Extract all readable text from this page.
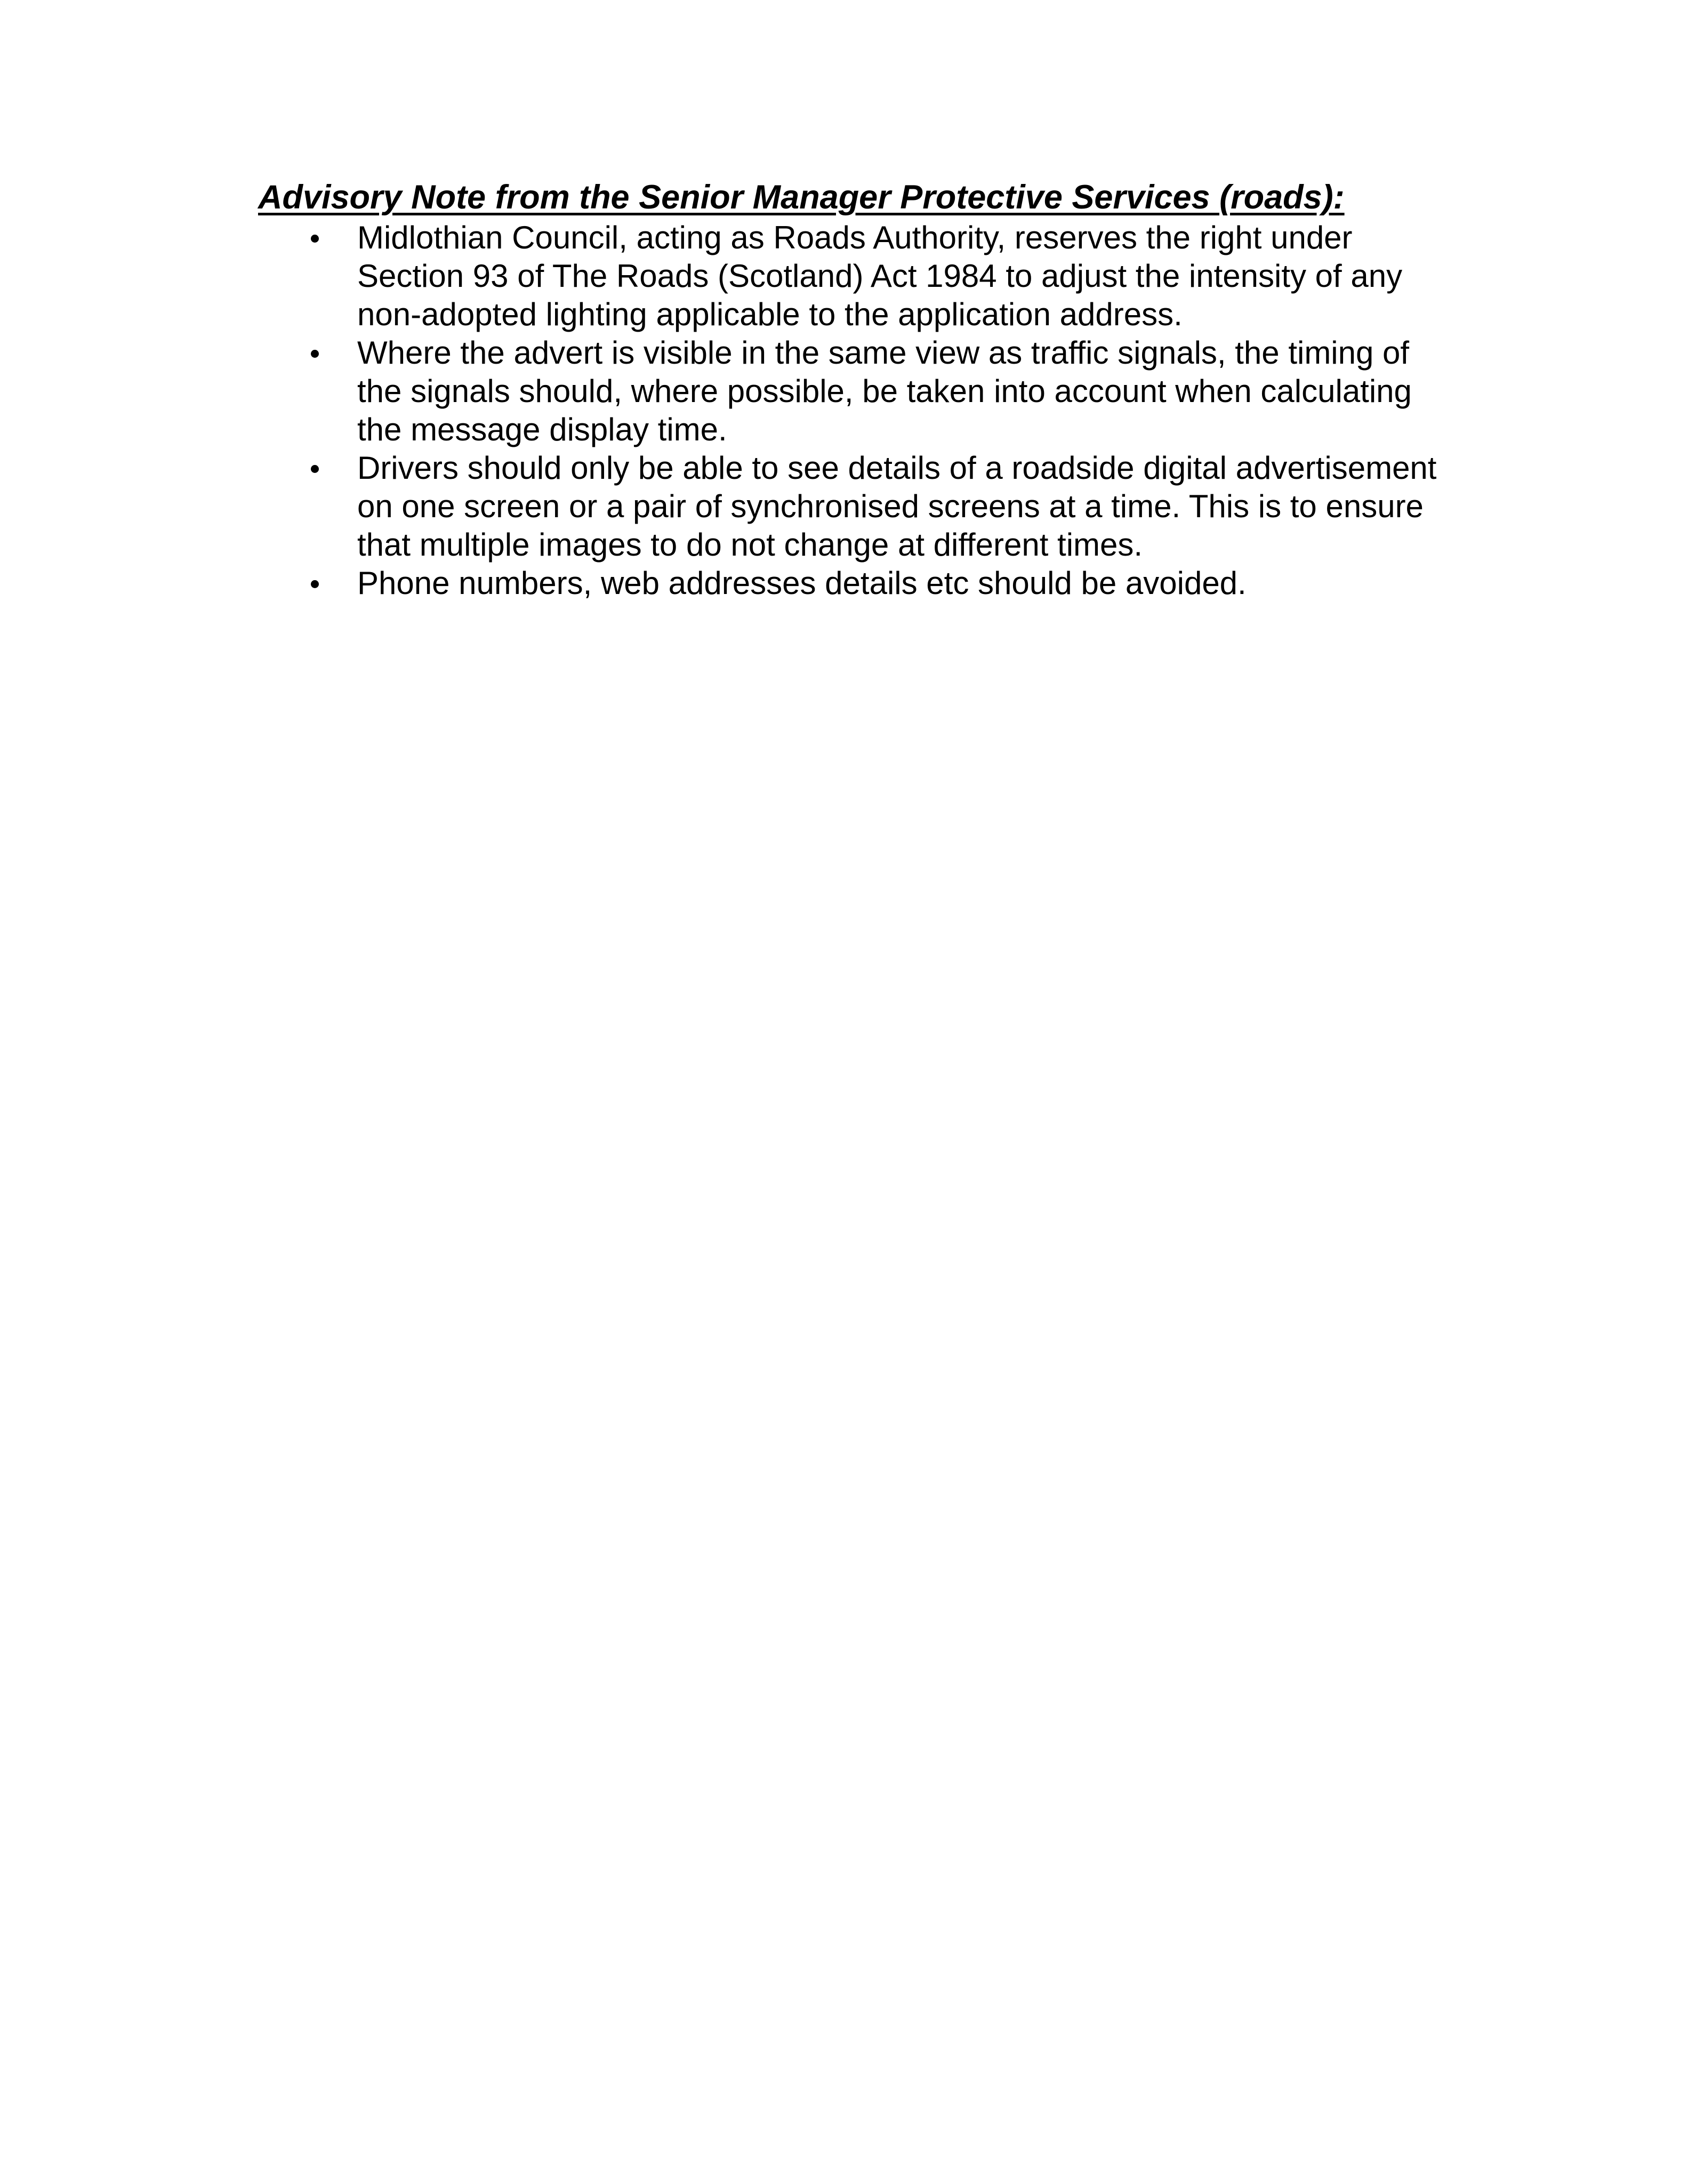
Advisory Note from the Senior Manager Protective Services (roads):
Midlothian Council, acting as Roads Authority, reserves the right under
Section 93 of The Roads (Scotland) Act 1984 to adjust the intensity of any
non-adopted lighting applicable to the application address.
Where the advert is visible in the same view as traffic signals, the timing of
the signals should, where possible, be taken into account when calculating
the message display time.
Drivers should only be able to see details of a roadside digital advertisement
on one screen or a pair of synchronised screens at a time. This is to ensure
that multiple images to do not change at different times.
Phone numbers, web addresses details etc should be avoided.
